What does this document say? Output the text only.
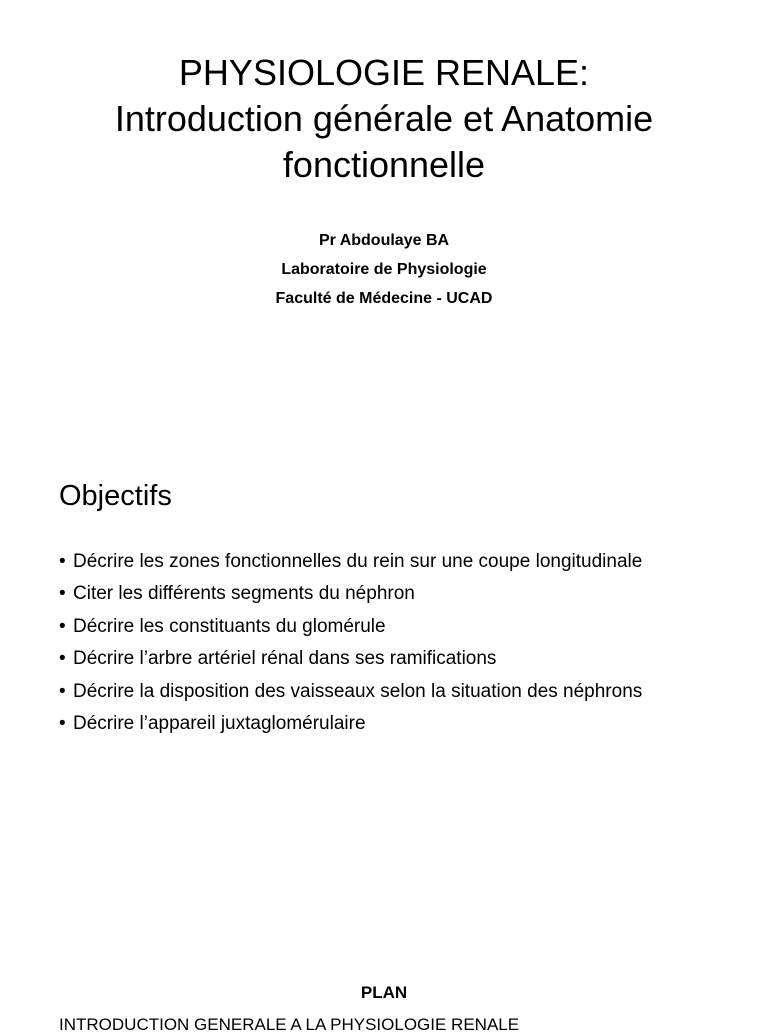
PHYSIOLOGIE RENALE:
Introduction générale et Anatomie
fonctionnelle
Pr Abdoulaye BA
Laboratoire de Physiologie
Faculté de Médecine - UCAD
Objectifs
• Décrire les zones fonctionnelles du rein sur une coupe longitudinale
• Citer les différents segments du néphron
• Décrire les constituants du glomérule
• Décrire l’arbre artériel rénal dans ses ramifications
• Décrire la disposition des vaisseaux selon la situation des néphrons
• Décrire l’appareil juxtaglomérulaire
PLAN
INTRODUCTION GENERALE A LA PHYSIOLOGIE RENALE
